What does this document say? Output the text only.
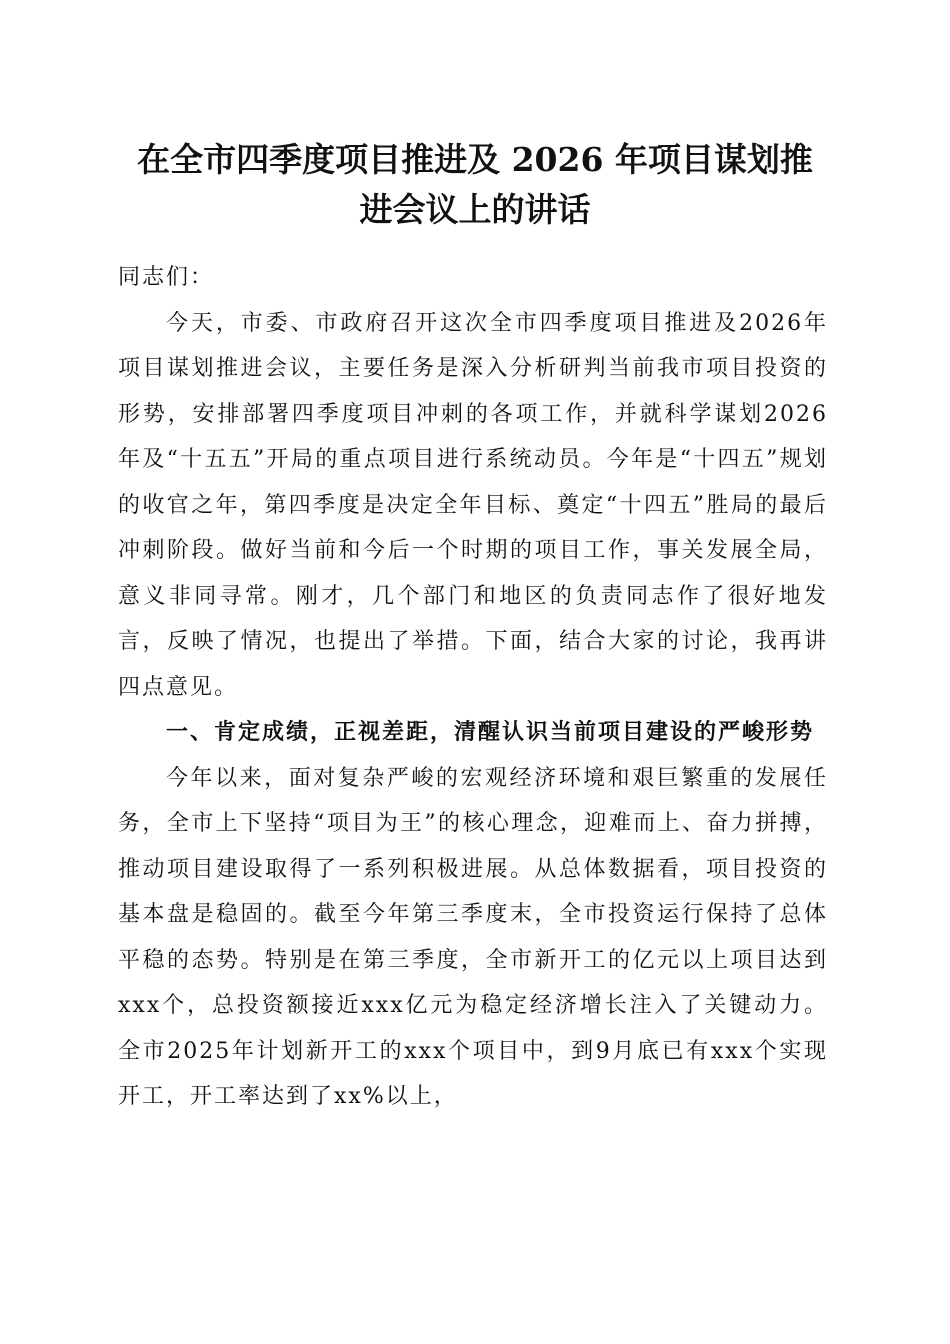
在全市四季度项目推进及 2026 年项目谋划推
进会议上的讲话

同志们：

今天，市委、市政府召开这次全市四季度项目推进及2026年项目谋划推进会议，主要任务是深入分析研判当前我市项目投资的形势，安排部署四季度项目冲刺的各项工作，并就科学谋划2026年及“十五五”开局的重点项目进行系统动员。今年是“十四五”规划的收官之年，第四季度是决定全年目标、奠定“十四五”胜局的最后冲刺阶段。做好当前和今后一个时期的项目工作，事关发展全局，意义非同寻常。刚才，几个部门和地区的负责同志作了很好地发言，反映了情况，也提出了举措。下面，结合大家的讨论，我再讲四点意见。

一、肯定成绩，正视差距，清醒认识当前项目建设的严峻形势

今年以来，面对复杂严峻的宏观经济环境和艰巨繁重的发展任务，全市上下坚持“项目为王”的核心理念，迎难而上、奋力拼搏，推动项目建设取得了一系列积极进展。从总体数据看，项目投资的基本盘是稳固的。截至今年第三季度末，全市投资运行保持了总体平稳的态势。特别是在第三季度，全市新开工的亿元以上项目达到xxx个，总投资额接近xxx亿元为稳定经济增长注入了关键动力。全市2025年计划新开工的xxx个项目中，到9月底已有xxx个实现开工，开工率达到了xx%以上，
